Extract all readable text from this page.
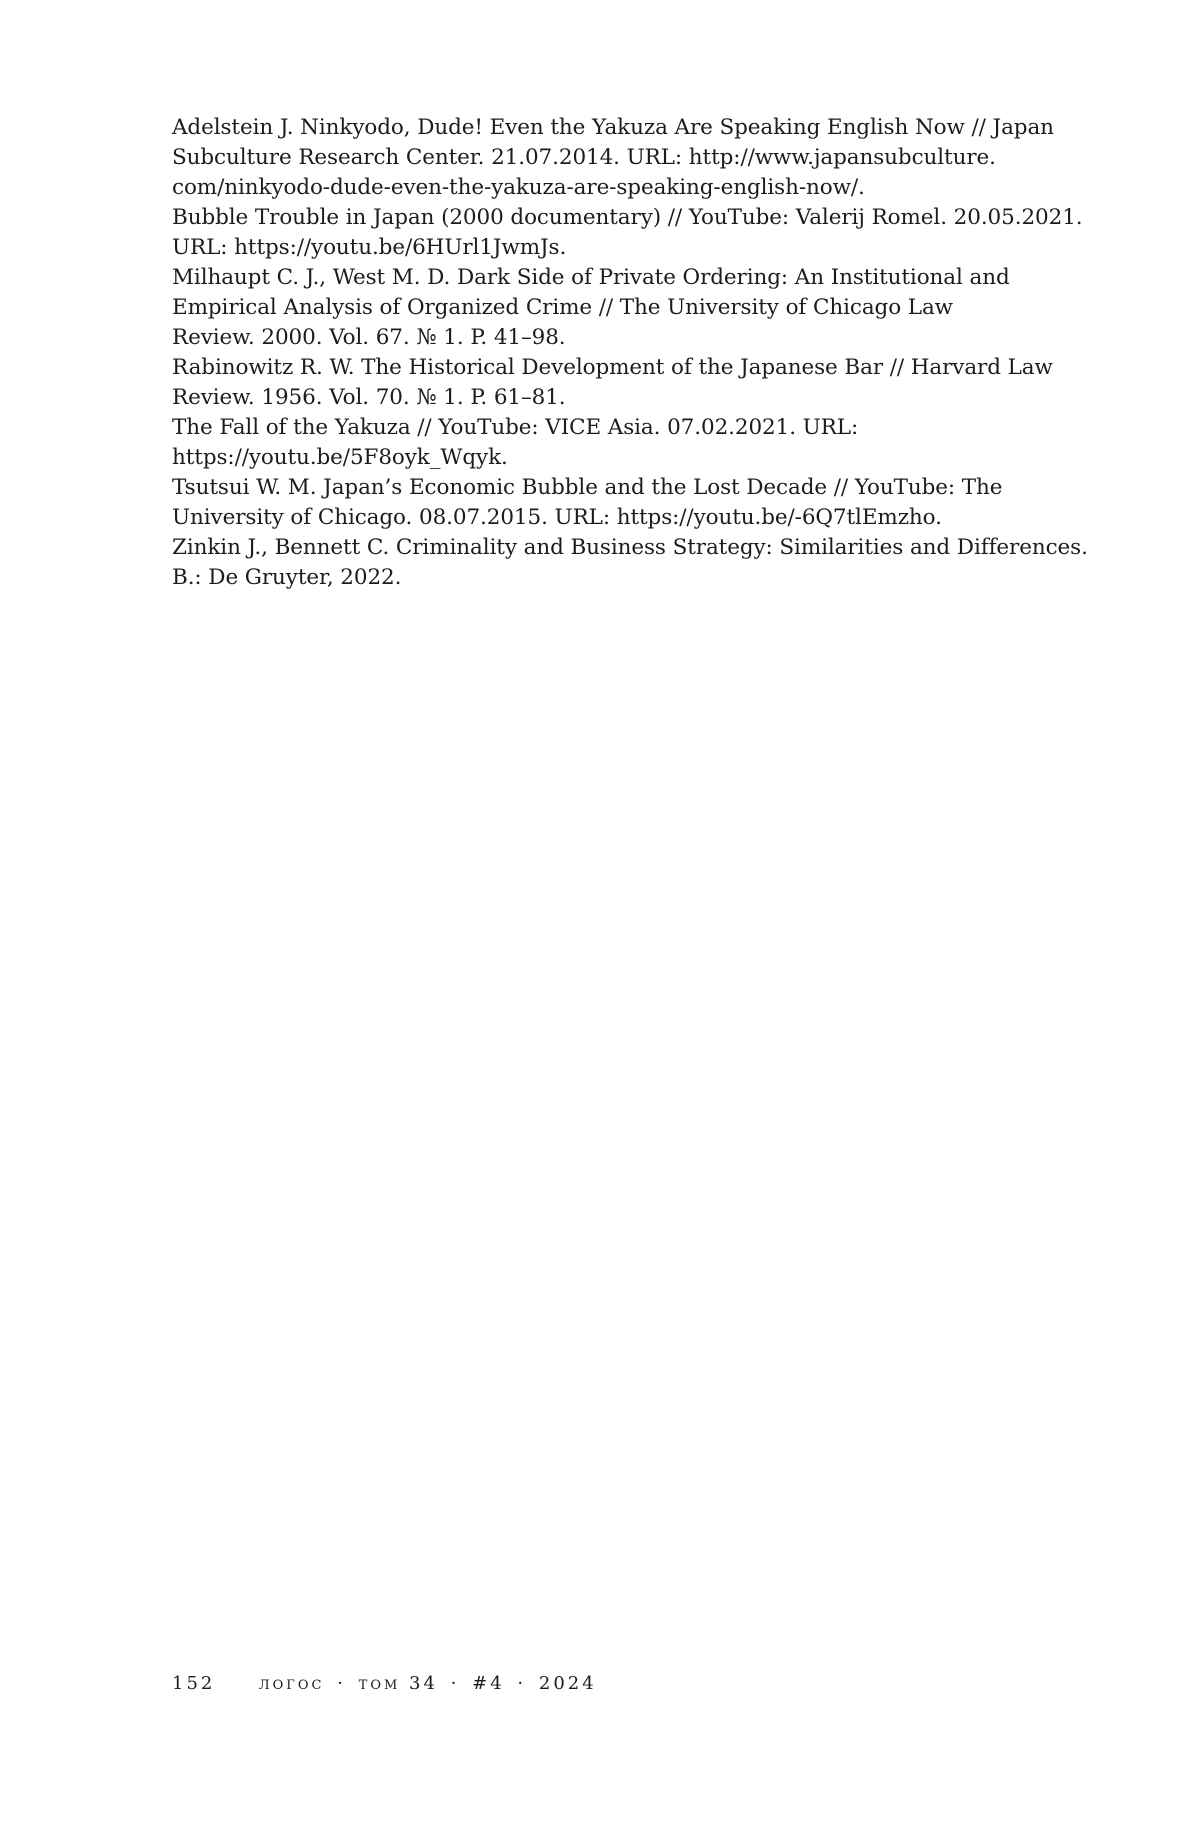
Adelstein J. Ninkyodo, Dude! Even the Yakuza Are Speaking English Now // Japan
Subculture Research Center. 21.07.2014. URL: http://www.japansubculture.
com/ninkyodo-dude-even-the-yakuza-are-speaking-english-now/.
Bubble Trouble in Japan (2000 documentary) // YouTube: Valerij Romel. 20.05.2021.
URL: https://youtu.be/6HUrl1JwmJs.
Milhaupt C. J., West M. D. Dark Side of Private Ordering: An Institutional and
Empirical Analysis of Organized Crime // The University of Chicago Law
Review. 2000. Vol. 67. № 1. P. 41–98.
Rabinowitz R. W. The Historical Development of the Japanese Bar // Harvard Law
Review. 1956. Vol. 70. № 1. P. 61–81.
The Fall of the Yakuza // YouTube: VICE Asia. 07.02.2021. URL:
https://youtu.be/5F8oyk_Wqyk.
Tsutsui W. M. Japan’s Economic Bubble and the Lost Decade // YouTube: The
University of Chicago. 08.07.2015. URL: https://youtu.be/-6Q7tlEmzho.
Zinkin J., Bennett C. Criminality and Business Strategy: Similarities and Differences.
B.: De Gruyter, 2022.
152 логос · том 34 · #4 · 2024
